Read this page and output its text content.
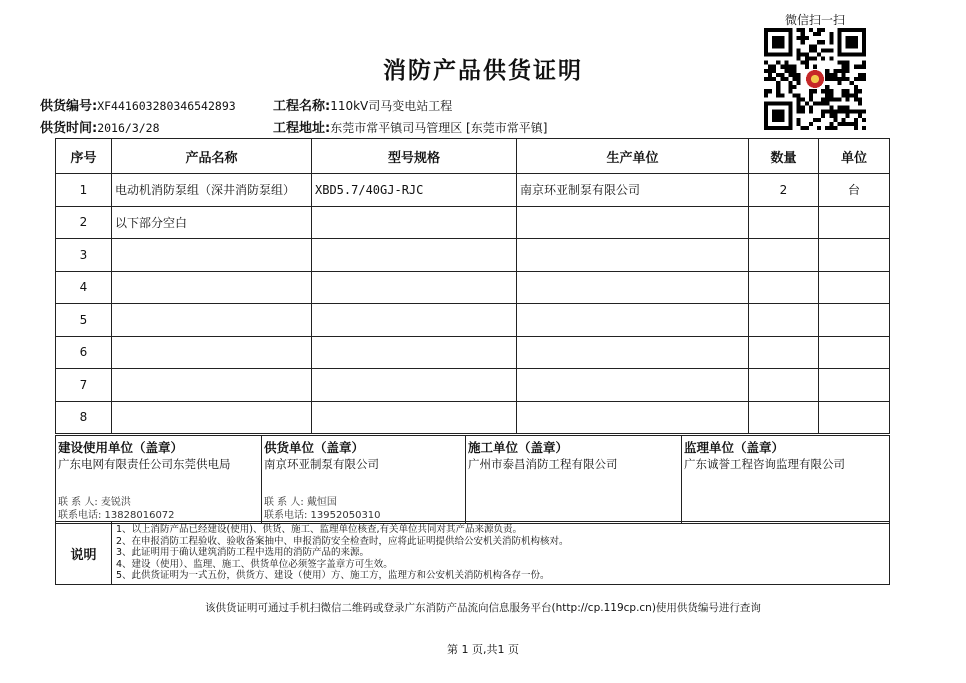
消防产品供货证明
微信扫一扫
供货编号:XF441603280346542893	工程名称:110kV司马变电站工程
供货时间:2016/3/28	工程地址:东莞市常平镇司马管理区 [东莞市常平镇]
序号	产品名称	型号规格	生产单位	数量	单位
1	电动机消防泵组（深井消防泵组）	XBD5.7/40GJ-RJC	南京环亚制泵有限公司	2	台
2	以下部分空白				
3					
4					
5					
6					
7					
8					
建设使用单位（盖章）
广东电网有限责任公司东莞供电局
联 系 人: 麦锐洪
联系电话: 13828016072

供货单位（盖章）
南京环亚制泵有限公司
联 系 人: 戴恒国
联系电话: 13952050310

施工单位（盖章）
广州市泰昌消防工程有限公司

监理单位（盖章）
广东诚誉工程咨询监理有限公司
说明	
1、以上消防产品已经建设(使用)、供货、施工、监理单位核查,有关单位共同对其产品来源负责。
2、在申报消防工程验收、验收备案抽中、申报消防安全检查时，应将此证明提供给公安机关消防机构核对。
3、此证明用于确认建筑消防工程中选用的消防产品的来源。
4、建设（使用）、监理、施工、供货单位必须签字盖章方可生效。
5、此供货证明为一式五份，供货方、建设（使用）方、施工方，监理方和公安机关消防机构各存一份。
该供货证明可通过手机扫微信二维码或登录广东消防产品流向信息服务平台(http://cp.119cp.cn)使用供货编号进行查询
第 1 页,共1 页
